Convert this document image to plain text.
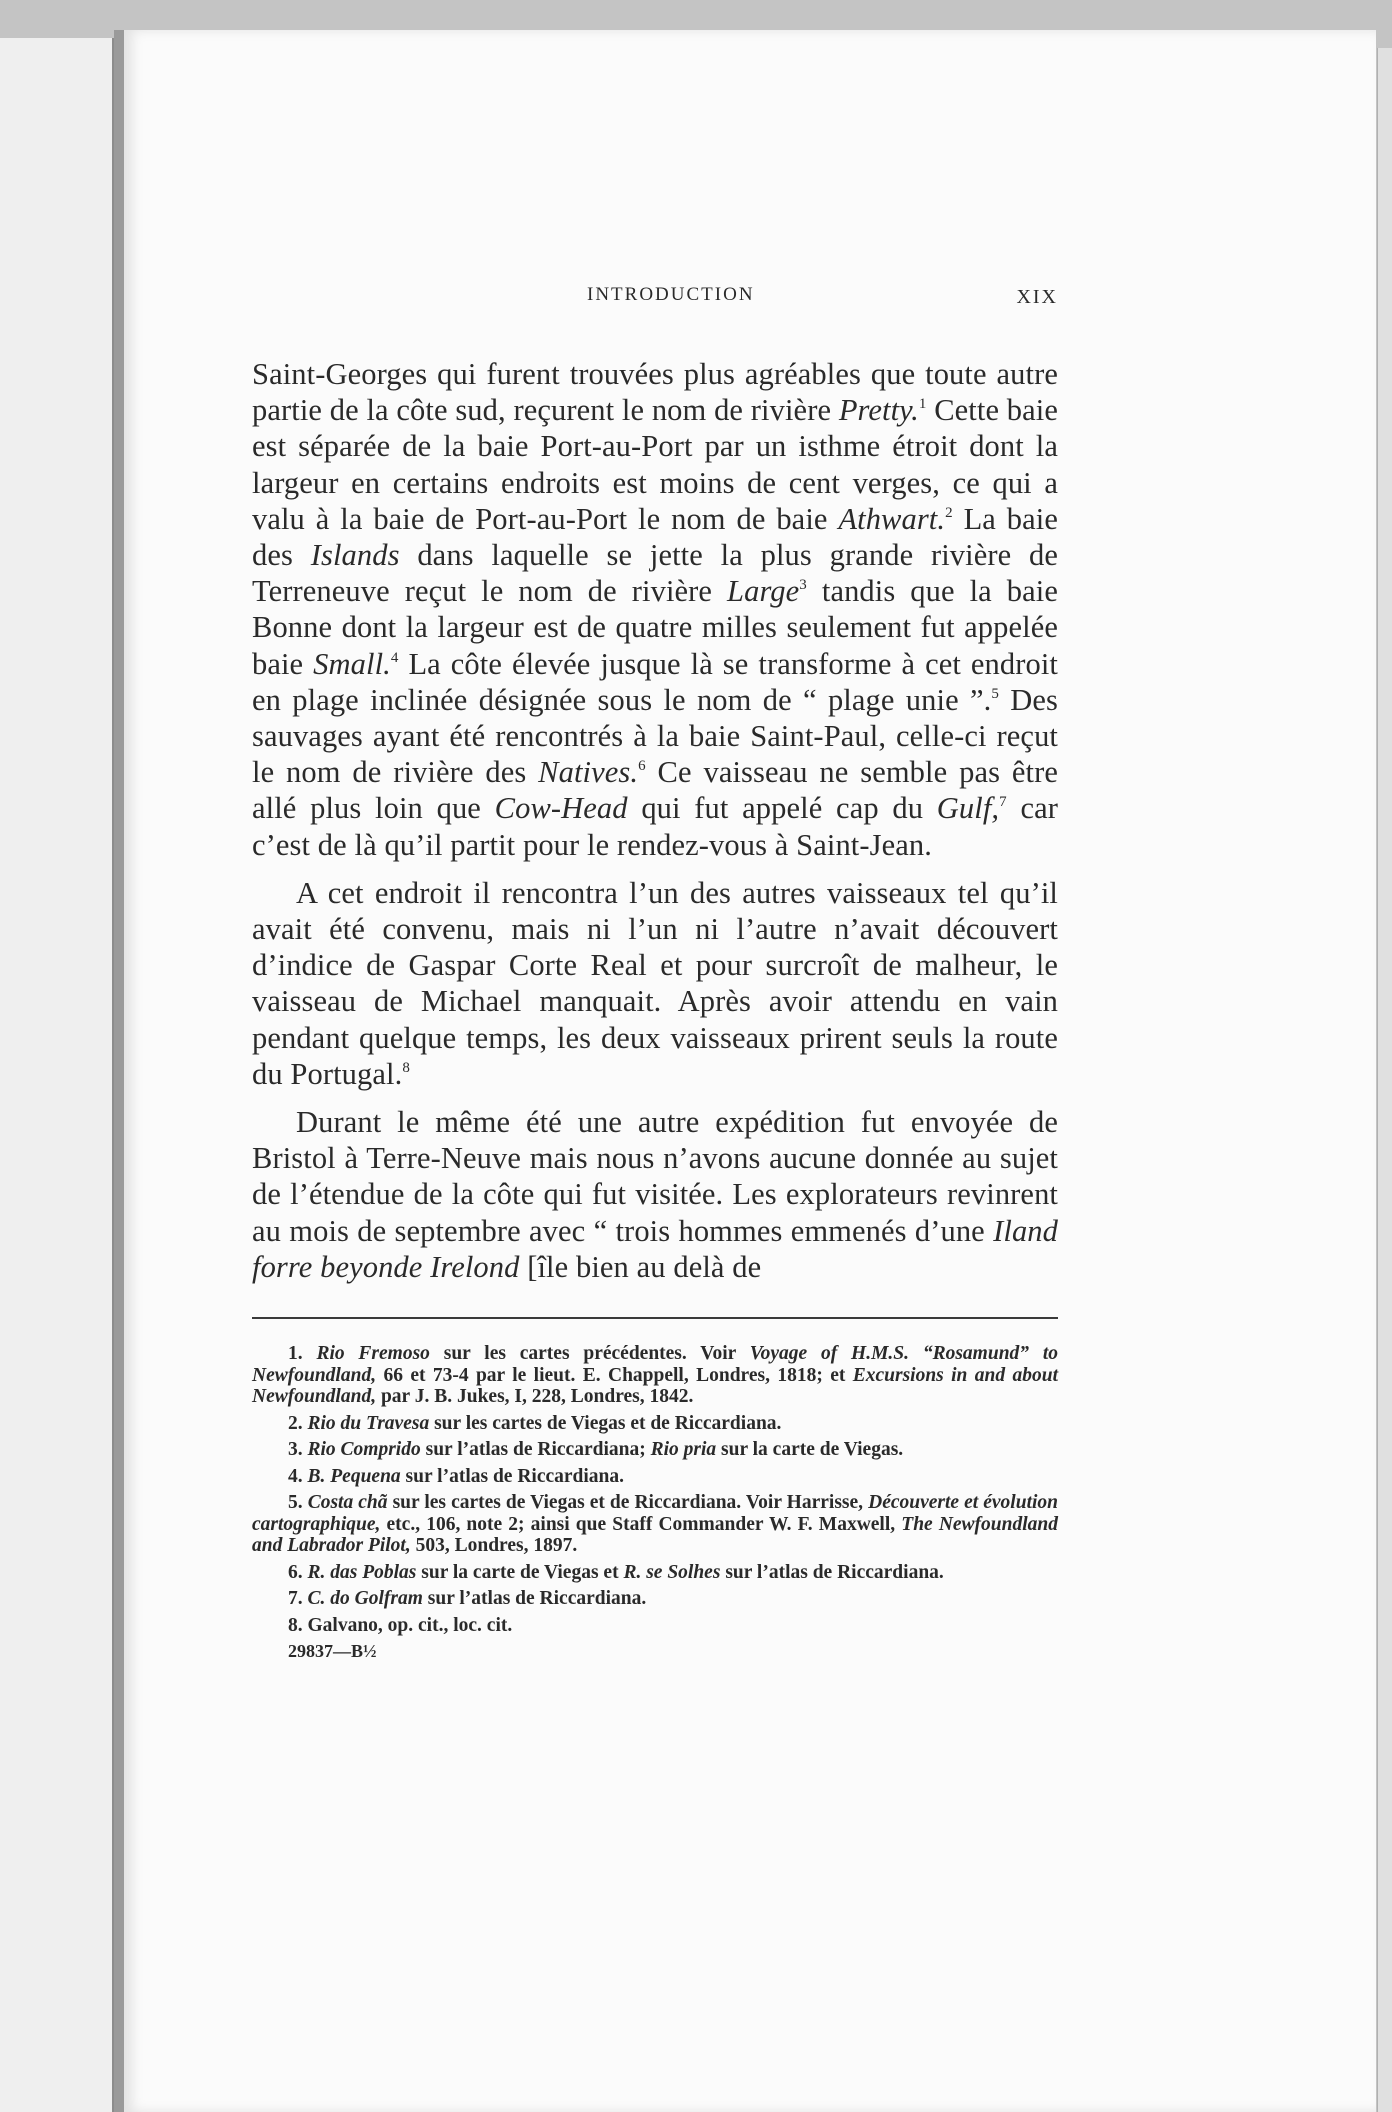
INTRODUCTION	XIX

Saint-Georges qui furent trouvées plus agréables que toute autre partie de la côte sud, reçurent le nom de rivière Pretty.$^1$ Cette baie est séparée de la baie Port-au-Port par un isthme étroit dont la largeur en certains endroits est moins de cent verges, ce qui a valu à la baie de Port-au-Port le nom de baie Athwart.$^2$ La baie des Islands dans laquelle se jette la plus grande rivière de Terreneuve reçut le nom de rivière Large$^3$ tandis que la baie Bonne dont la largeur est de quatre milles seulement fut appelée baie Small.$^4$ La côte élevée jusque là se transforme à cet endroit en plage inclinée désignée sous le nom de “ plage unie ”.$^5$ Des sauvages ayant été rencontrés à la baie Saint-Paul, celle-ci reçut le nom de rivière des Natives.$^6$ Ce vaisseau ne semble pas être allé plus loin que Cow-Head qui fut appelé cap du Gulf,$^7$ car c’est de là qu’il partit pour le rendez-vous à Saint-Jean.

A cet endroit il rencontra l’un des autres vaisseaux tel qu’il avait été convenu, mais ni l’un ni l’autre n’avait découvert d’indice de Gaspar Corte Real et pour surcroît de malheur, le vaisseau de Michael manquait. Après avoir attendu en vain pendant quelque temps, les deux vaisseaux prirent seuls la route du Portugal.$^8$

Durant le même été une autre expédition fut envoyée de Bristol à Terre-Neuve mais nous n’avons aucune donnée au sujet de l’étendue de la côte qui fut visitée. Les explorateurs revinrent au mois de septembre avec “ trois hommes emmenés d’une Iland forre beyonde Irelond [île bien au delà de

1. Rio Fremoso sur les cartes précédentes. Voir Voyage of H.M.S. “Rosamund” to Newfoundland, 66 et 73-4 par le lieut. E. Chappell, Londres, 1818; et Excursions in and about Newfoundland, par J. B. Jukes, I, 228, Londres, 1842.
2. Rio du Travesa sur les cartes de Viegas et de Riccardiana.
3. Rio Comprido sur l’atlas de Riccardiana; Rio pria sur la carte de Viegas.
4. B. Pequena sur l’atlas de Riccardiana.
5. Costa chã sur les cartes de Viegas et de Riccardiana. Voir Harrisse, Découverte et évolution cartographique, etc., 106, note 2; ainsi que Staff Commander W. F. Maxwell, The Newfoundland and Labrador Pilot, 503, Londres, 1897.
6. R. das Poblas sur la carte de Viegas et R. se Solhes sur l’atlas de Riccardiana.
7. C. do Golfram sur l’atlas de Riccardiana.
8. Galvano, op. cit., loc. cit.
29837—B½
